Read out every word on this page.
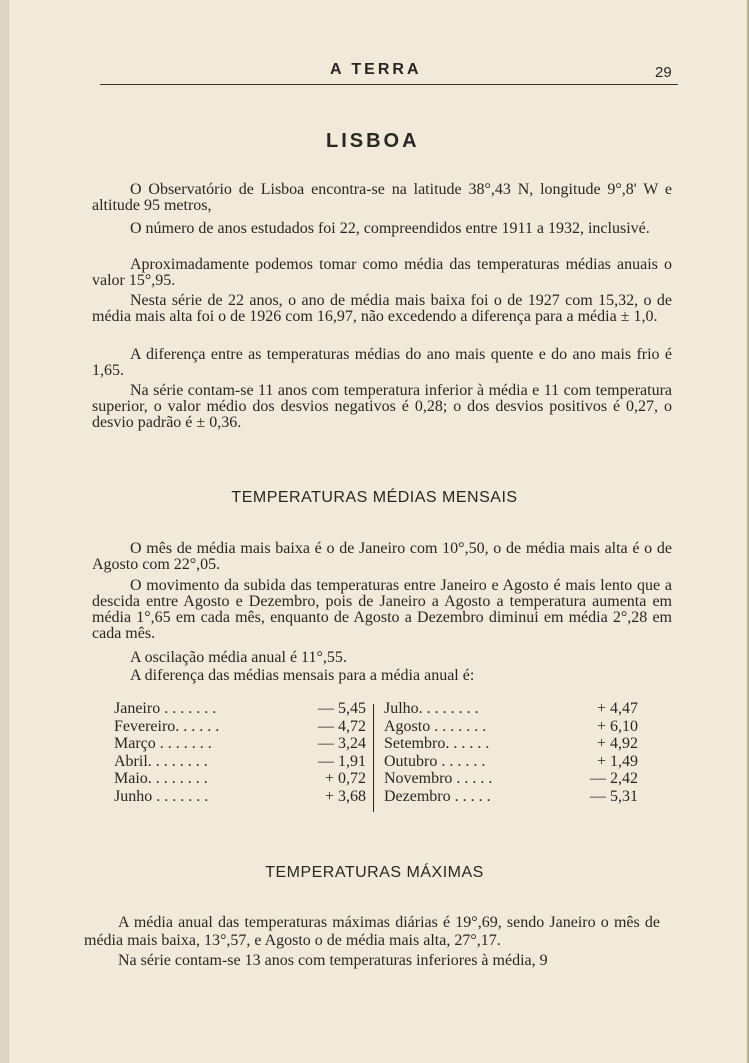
A TERRA	29
LISBOA

O Observatório de Lisboa encontra-se na latitude 38°,43 N, longitude 9°,8' W e altitude 95 metros,

O número de anos estudados foi 22, compreendidos entre 1911 a 1932, inclusivé.

Aproximadamente podemos tomar como média das temperaturas médias anuais o valor 15°,95.

Nesta série de 22 anos, o ano de média mais baixa foi o de 1927 com 15,32, o de média mais alta foi o de 1926 com 16,97, não excedendo a diferença para a média ± 1,0.

A diferença entre as temperaturas médias do ano mais quente e do ano mais frio é 1,65.

Na série contam-se 11 anos com temperatura inferior à média e 11 com temperatura superior, o valor médio dos desvios negativos é 0,28; o dos desvios positivos é 0,27, o desvio padrão é ± 0,36.

TEMPERATURAS MÉDIAS MENSAIS

O mês de média mais baixa é o de Janeiro com 10°,50, o de média mais alta é o de Agosto com 22°,05.

O movimento da subida das temperaturas entre Janeiro e Agosto é mais lento que a descida entre Agosto e Dezembro, pois de Janeiro a Agosto a temperatura aumenta em média 1°,65 em cada mês, enquanto de Agosto a Dezembro diminui em média 2°,28 em cada mês.

A oscilação média anual é 11°,55.

A diferença das médias mensais para a média anual é:

Janeiro . . . . . . .	— 5,45
Fevereiro. . . . . .	— 4,72
Março . . . . . . .	— 3,24
Abril. . . . . . . .	— 1,91
Maio. . . . . . . .	+ 0,72
Junho . . . . . . .	+ 3,68
Julho. . . . . . . .	+ 4,47
Agosto . . . . . . .	+ 6,10
Setembro. . . . . .	+ 4,92
Outubro . . . . . .	+ 1,49
Novembro . . . . .	— 2,42
Dezembro . . . . .	— 5,31
TEMPERATURAS MÁXIMAS

A média anual das temperaturas máximas diárias é 19°,69, sendo Janeiro o mês de média mais baixa, 13°,57, e Agosto o de média mais alta, 27°,17.

Na série contam-se 13 anos com temperaturas inferiores à média, 9
